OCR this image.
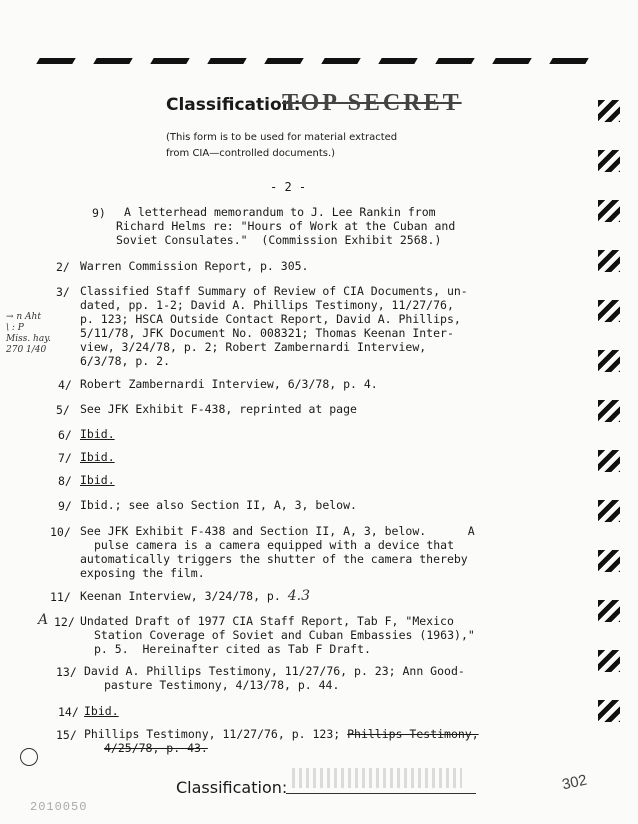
Classification:
TOP SECRET
(This form is to be used for material extracted
from CIA—controlled documents.)
- 2 -
9) A letterhead memorandum to J. Lee Rankin from
Richard Helms re: "Hours of Work at the Cuban and
Soviet Consulates."  (Commission Exhibit 2568.)
2/ Warren Commission Report, p. 305.
3/ Classified Staff Summary of Review of CIA Documents, un-
dated, pp. 1-2; David A. Phillips Testimony, 11/27/76,
p. 123; HSCA Outside Contact Report, David A. Phillips,
5/11/78, JFK Document No. 008321; Thomas Keenan Inter-
view, 3/24/78, p. 2; Robert Zambernardi Interview,
6/3/78, p. 2.
→ n Aht
\ : P
Miss. hay.
270 1/40
4/ Robert Zambernardi Interview, 6/3/78, p. 4.
5/ See JFK Exhibit F-438, reprinted at page
6/ Ibid.
7/ Ibid.
8/ Ibid.
9/ Ibid.; see also Section II, A, 3, below.
10/ See JFK Exhibit F-438 and Section II, A, 3, below.      A
pulse camera is a camera equipped with a device that
automatically triggers the shutter of the camera thereby
exposing the film.
11/ Keenan Interview, 3/24/78, p. 4.3
A 12/ Undated Draft of 1977 CIA Staff Report, Tab F, "Mexico
Station Coverage of Soviet and Cuban Embassies (1963),"
p. 5.  Hereinafter cited as Tab F Draft.
13/ David A. Phillips Testimony, 11/27/76, p. 23; Ann Good-
pasture Testimony, 4/13/78, p. 44.
14/ Ibid.
15/ Phillips Testimony, 11/27/76, p. 123; Phillips Testimony,
4/25/78, p. 43.
Classification:	302
2010050
